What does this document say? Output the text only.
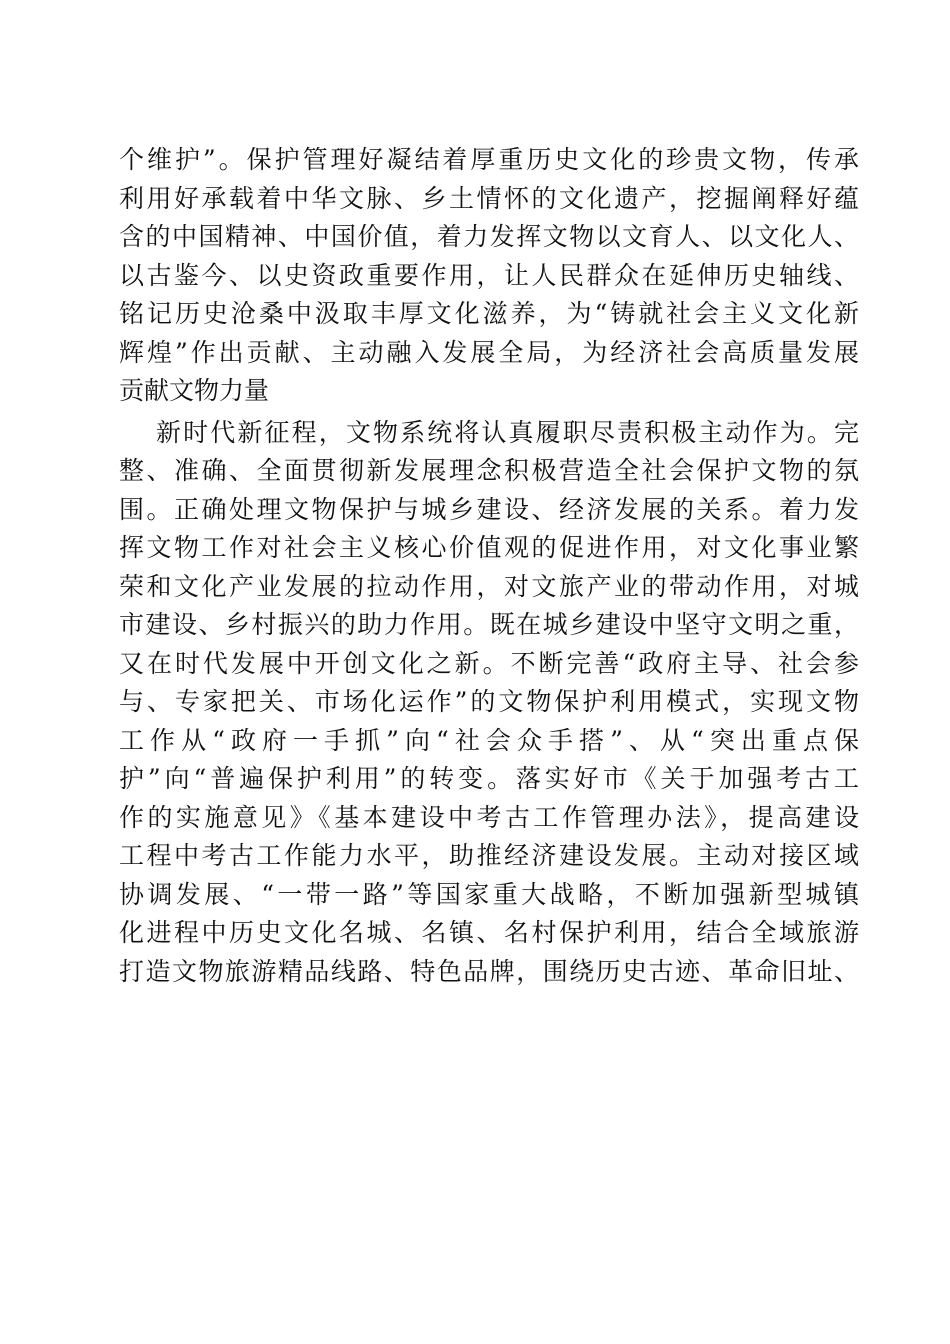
个维护”。保护管理好凝结着厚重历史文化的珍贵文物，传承
利用好承载着中华文脉、乡土情怀的文化遗产，挖掘阐释好蕴
含的中国精神、中国价值，着力发挥文物以文育人、以文化人、
以古鉴今、以史资政重要作用，让人民群众在延伸历史轴线、
铭记历史沧桑中汲取丰厚文化滋养，为“铸就社会主义文化新
辉煌”作出贡献、主动融入发展全局，为经济社会高质量发展
贡献文物力量
新时代新征程，文物系统将认真履职尽责积极主动作为。完
整、准确、全面贯彻新发展理念积极营造全社会保护文物的氛
围。正确处理文物保护与城乡建设、经济发展的关系。着力发
挥文物工作对社会主义核心价值观的促进作用，对文化事业繁
荣和文化产业发展的拉动作用，对文旅产业的带动作用，对城
市建设、乡村振兴的助力作用。既在城乡建设中坚守文明之重，
又在时代发展中开创文化之新。不断完善“政府主导、社会参
与、专家把关、市场化运作”的文物保护利用模式，实现文物
工作从“政府一手抓”向“社会众手搭”、从“突出重点保
护”向“普遍保护利用”的转变。落实好市《关于加强考古工
作的实施意见》《基本建设中考古工作管理办法》，提高建设
工程中考古工作能力水平，助推经济建设发展。主动对接区域
协调发展、“一带一路”等国家重大战略，不断加强新型城镇
化进程中历史文化名城、名镇、名村保护利用，结合全域旅游
打造文物旅游精品线路、特色品牌，围绕历史古迹、革命旧址、
